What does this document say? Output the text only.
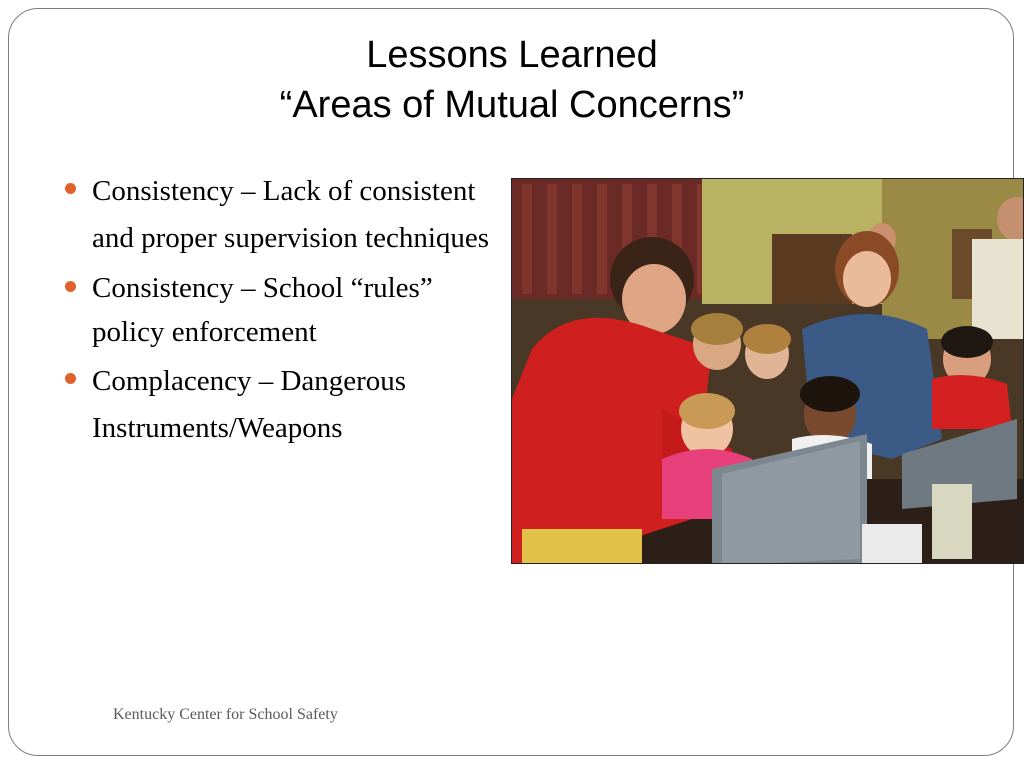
Lessons Learned
“Areas of Mutual Concerns”
Consistency – Lack of consistent and proper supervision techniques
Consistency – School “rules” policy enforcement
Complacency – Dangerous Instruments/Weapons
Kentucky Center for School Safety
